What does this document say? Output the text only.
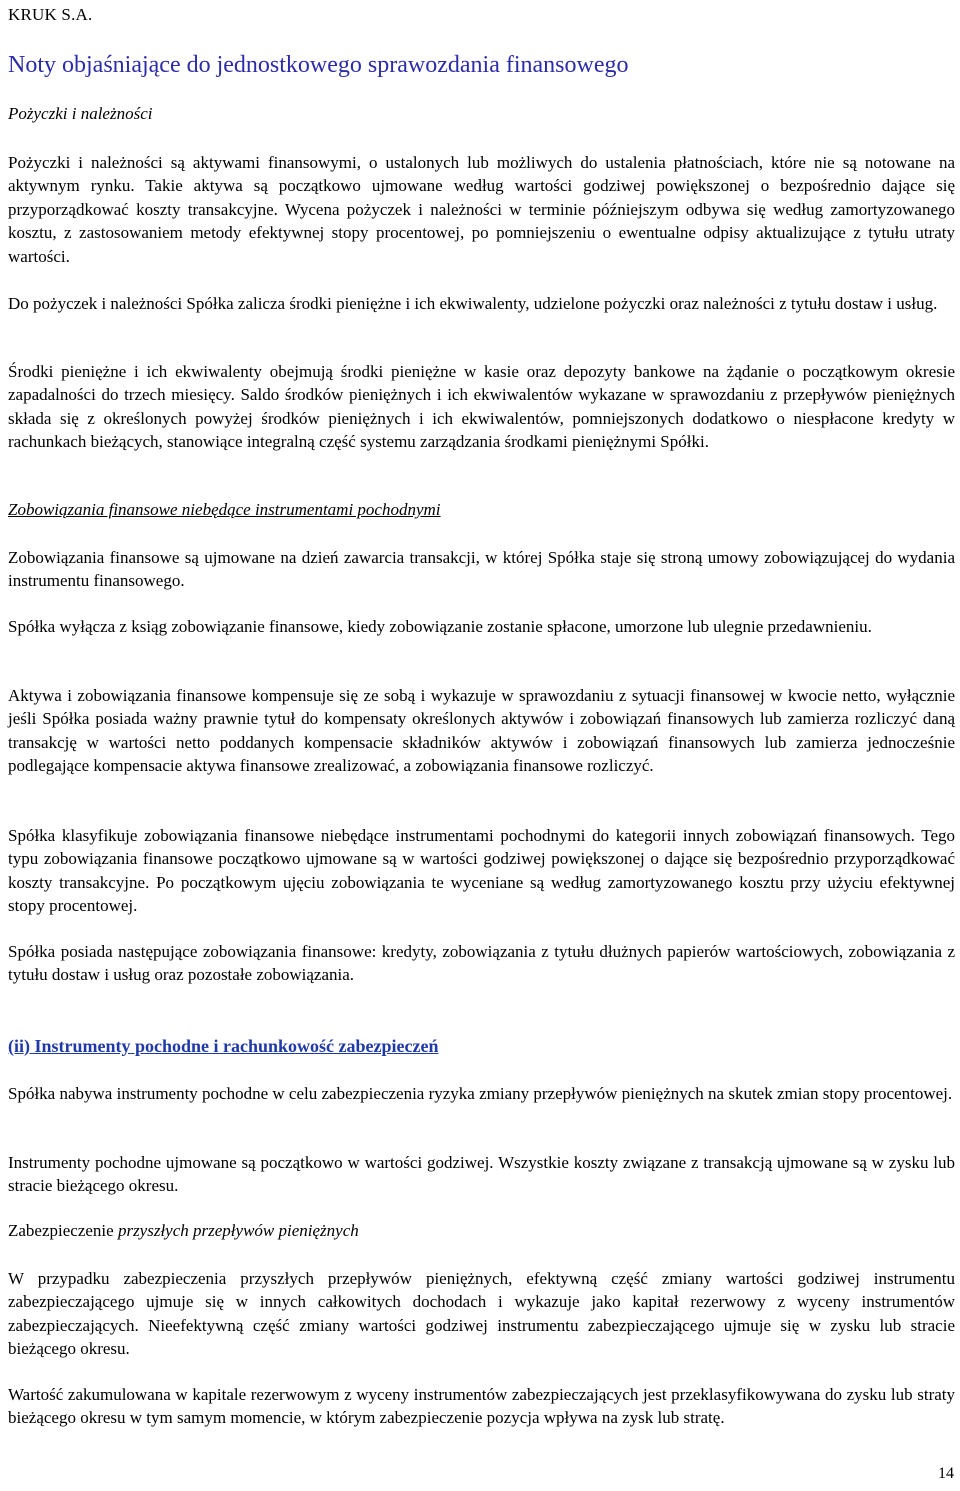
KRUK S.A.
Noty objaśniające do jednostkowego sprawozdania finansowego
Pożyczki i należności

Pożyczki i należności są aktywami finansowymi, o ustalonych lub możliwych do ustalenia płatnościach, które nie są notowane na aktywnym rynku. Takie aktywa są początkowo ujmowane według wartości godziwej powiększonej o bezpośrednio dające się przyporządkować koszty transakcyjne. Wycena pożyczek i należności w terminie późniejszym odbywa się według zamortyzowanego kosztu, z zastosowaniem metody efektywnej stopy procentowej, po pomniejszeniu o ewentualne odpisy aktualizujące z tytułu utraty wartości.

Do pożyczek i należności Spółka zalicza środki pieniężne i ich ekwiwalenty, udzielone pożyczki oraz należności z tytułu dostaw i usług.

Środki pieniężne i ich ekwiwalenty obejmują środki pieniężne w kasie oraz depozyty bankowe na żądanie o początkowym okresie zapadalności do trzech miesięcy. Saldo środków pieniężnych i ich ekwiwalentów wykazane w sprawozdaniu z przepływów pieniężnych składa się z określonych powyżej środków pieniężnych i ich ekwiwalentów, pomniejszonych dodatkowo o niespłacone kredyty w rachunkach bieżących, stanowiące integralną część systemu zarządzania środkami pieniężnymi Spółki.

Zobowiązania finansowe niebędące instrumentami pochodnymi

Zobowiązania finansowe są ujmowane na dzień zawarcia transakcji, w której Spółka staje się stroną umowy zobowiązującej do wydania instrumentu finansowego.

Spółka wyłącza z ksiąg zobowiązanie finansowe, kiedy zobowiązanie zostanie spłacone, umorzone lub ulegnie przedawnieniu.

Aktywa i zobowiązania finansowe kompensuje się ze sobą i wykazuje w sprawozdaniu z sytuacji finansowej w kwocie netto, wyłącznie jeśli Spółka posiada ważny prawnie tytuł do kompensaty określonych aktywów i zobowiązań finansowych lub zamierza rozliczyć daną transakcję w wartości netto poddanych kompensacie składników aktywów i zobowiązań finansowych lub zamierza jednocześnie podlegające kompensacie aktywa finansowe zrealizować, a zobowiązania finansowe rozliczyć.

Spółka klasyfikuje zobowiązania finansowe niebędące instrumentami pochodnymi do kategorii innych zobowiązań finansowych. Tego typu zobowiązania finansowe początkowo ujmowane są w wartości godziwej powiększonej o dające się bezpośrednio przyporządkować koszty transakcyjne. Po początkowym ujęciu zobowiązania te wyceniane są według zamortyzowanego kosztu przy użyciu efektywnej stopy procentowej.

Spółka posiada następujące zobowiązania finansowe: kredyty, zobowiązania z tytułu dłużnych papierów wartościowych, zobowiązania z tytułu dostaw i usług oraz pozostałe zobowiązania.

(ii) Instrumenty pochodne i rachunkowość zabezpieczeń

Spółka nabywa instrumenty pochodne w celu zabezpieczenia ryzyka zmiany przepływów pieniężnych na skutek zmian stopy procentowej.

Instrumenty pochodne ujmowane są początkowo w wartości godziwej. Wszystkie koszty związane z transakcją ujmowane są w zysku lub stracie bieżącego okresu.

Zabezpieczenie przyszłych przepływów pieniężnych

W przypadku zabezpieczenia przyszłych przepływów pieniężnych, efektywną część zmiany wartości godziwej instrumentu zabezpieczającego ujmuje się w innych całkowitych dochodach i wykazuje jako kapitał rezerwowy z wyceny instrumentów zabezpieczających. Nieefektywną część zmiany wartości godziwej instrumentu zabezpieczającego ujmuje się w zysku lub stracie bieżącego okresu.

Wartość zakumulowana w kapitale rezerwowym z wyceny instrumentów zabezpieczających jest przeklasyfikowywana do zysku lub straty bieżącego okresu w tym samym momencie, w którym zabezpieczenie pozycja wpływa na zysk lub stratę.

14
